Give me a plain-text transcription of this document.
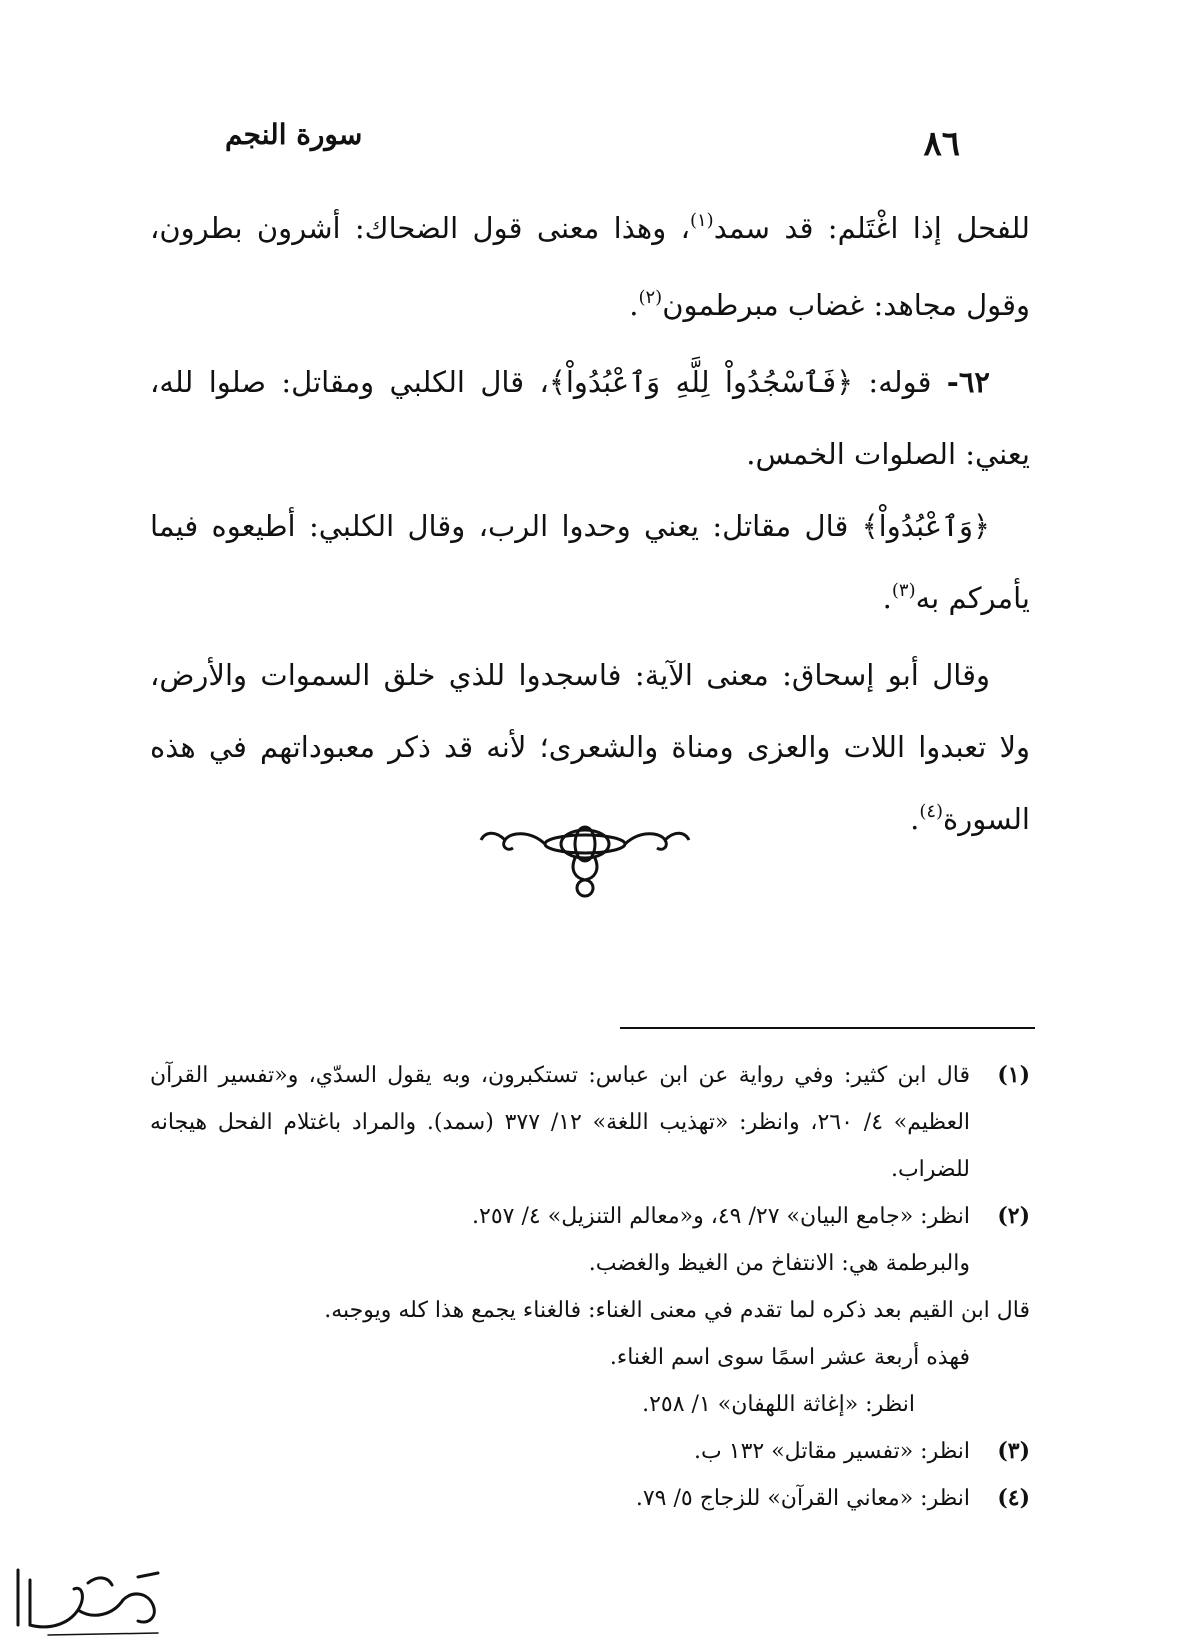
سورة النجم	٨٦

للفحل إذا اغْتَلم: قد سمد$^{(١)}$، وهذا معنى قول الضحاك: أشرون بطرون، وقول مجاهد: غضاب مبرطمون$^{(٢)}$.

٦٢- قوله: ﴿فَٱسْجُدُواْ لِلَّهِ وَٱعْبُدُواْ﴾، قال الكلبي ومقاتل: صلوا لله، يعني: الصلوات الخمس.

﴿وَٱعْبُدُواْ﴾ قال مقاتل: يعني وحدوا الرب، وقال الكلبي: أطيعوه فيما يأمركم به$^{(٣)}$.

وقال أبو إسحاق: معنى الآية: فاسجدوا للذي خلق السموات والأرض، ولا تعبدوا اللات والعزى ومناة والشعرى؛ لأنه قد ذكر معبوداتهم في هذه السورة$^{(٤)}$.

(١)
قال ابن كثير: وفي رواية عن ابن عباس: تستكبرون، وبه يقول السدّي، و«تفسير القرآن العظيم» ٤/ ٢٦٠، وانظر: «تهذيب اللغة» ١٢/ ٣٧٧ (سمد). والمراد باغتلام الفحل هيجانه للضراب.
(٢)
انظر: «جامع البيان» ٢٧/ ٤٩، و«معالم التنزيل» ٤/ ٢٥٧.
والبرطمة هي: الانتفاخ من الغيظ والغضب.
قال ابن القيم بعد ذكره لما تقدم في معنى الغناء: فالغناء يجمع هذا كله ويوجبه.
فهذه أربعة عشر اسمًا سوى اسم الغناء.
انظر: «إغاثة اللهفان» ١/ ٢٥٨.
(٣)
انظر: «تفسير مقاتل» ١٣٢ ب.
(٤)
انظر: «معاني القرآن» للزجاج ٥/ ٧٩.
